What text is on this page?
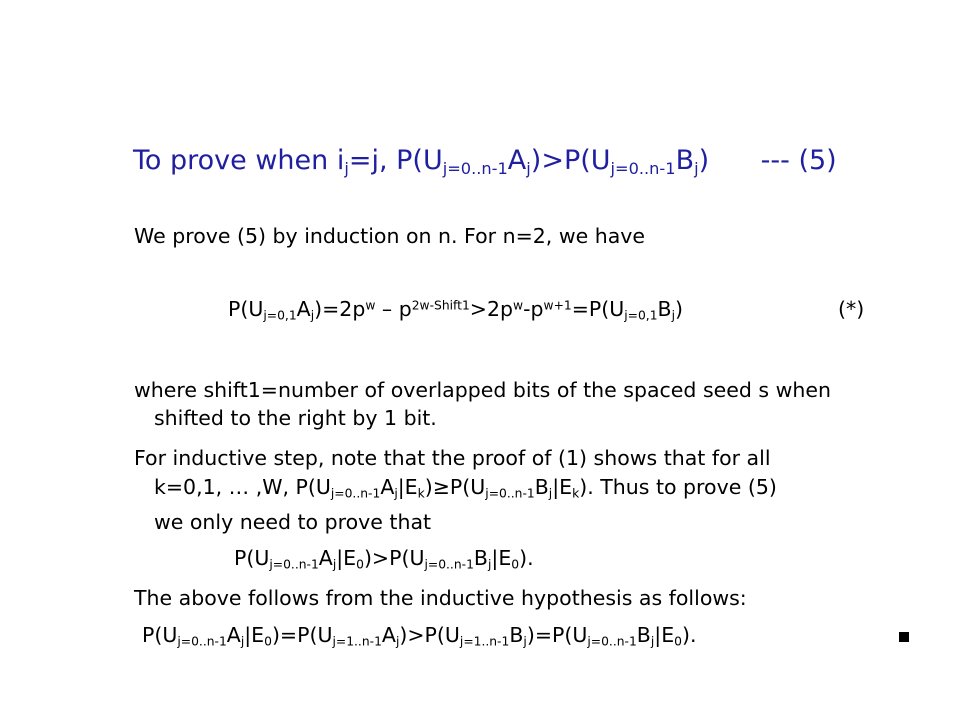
To prove when $i_j=j$, $P(U_{j=0..n-1}A_j)>P(U_{j=0..n-1}B_j)$      --- (5)
We prove (5) by induction on n. For n=2, we have
$P(U_{j=0,1}A_j)=2p^w - p^{2w-Shift1}>2p^w-p^{w+1}=P(U_{j=0,1}B_j)$	(*)
where shift1=number of overlapped bits of the spaced seed s when
shifted to the right by 1 bit.
For inductive step, note that the proof of (1) shows that for all
k=0,1, … ,W, $P(U_{j=0..n-1}A_j|E_k)\ge P(U_{j=0..n-1}B_j|E_k)$. Thus to prove (5)
we only need to prove that
$P(U_{j=0..n-1}A_j|E_0)>P(U_{j=0..n-1}B_j|E_0)$.
The above follows from the inductive hypothesis as follows:
$P(U_{j=0..n-1}A_j|E_0)=P(U_{j=1..n-1}A_j)>P(U_{j=1..n-1}B_j)=P(U_{j=0..n-1}B_j|E_0)$.
